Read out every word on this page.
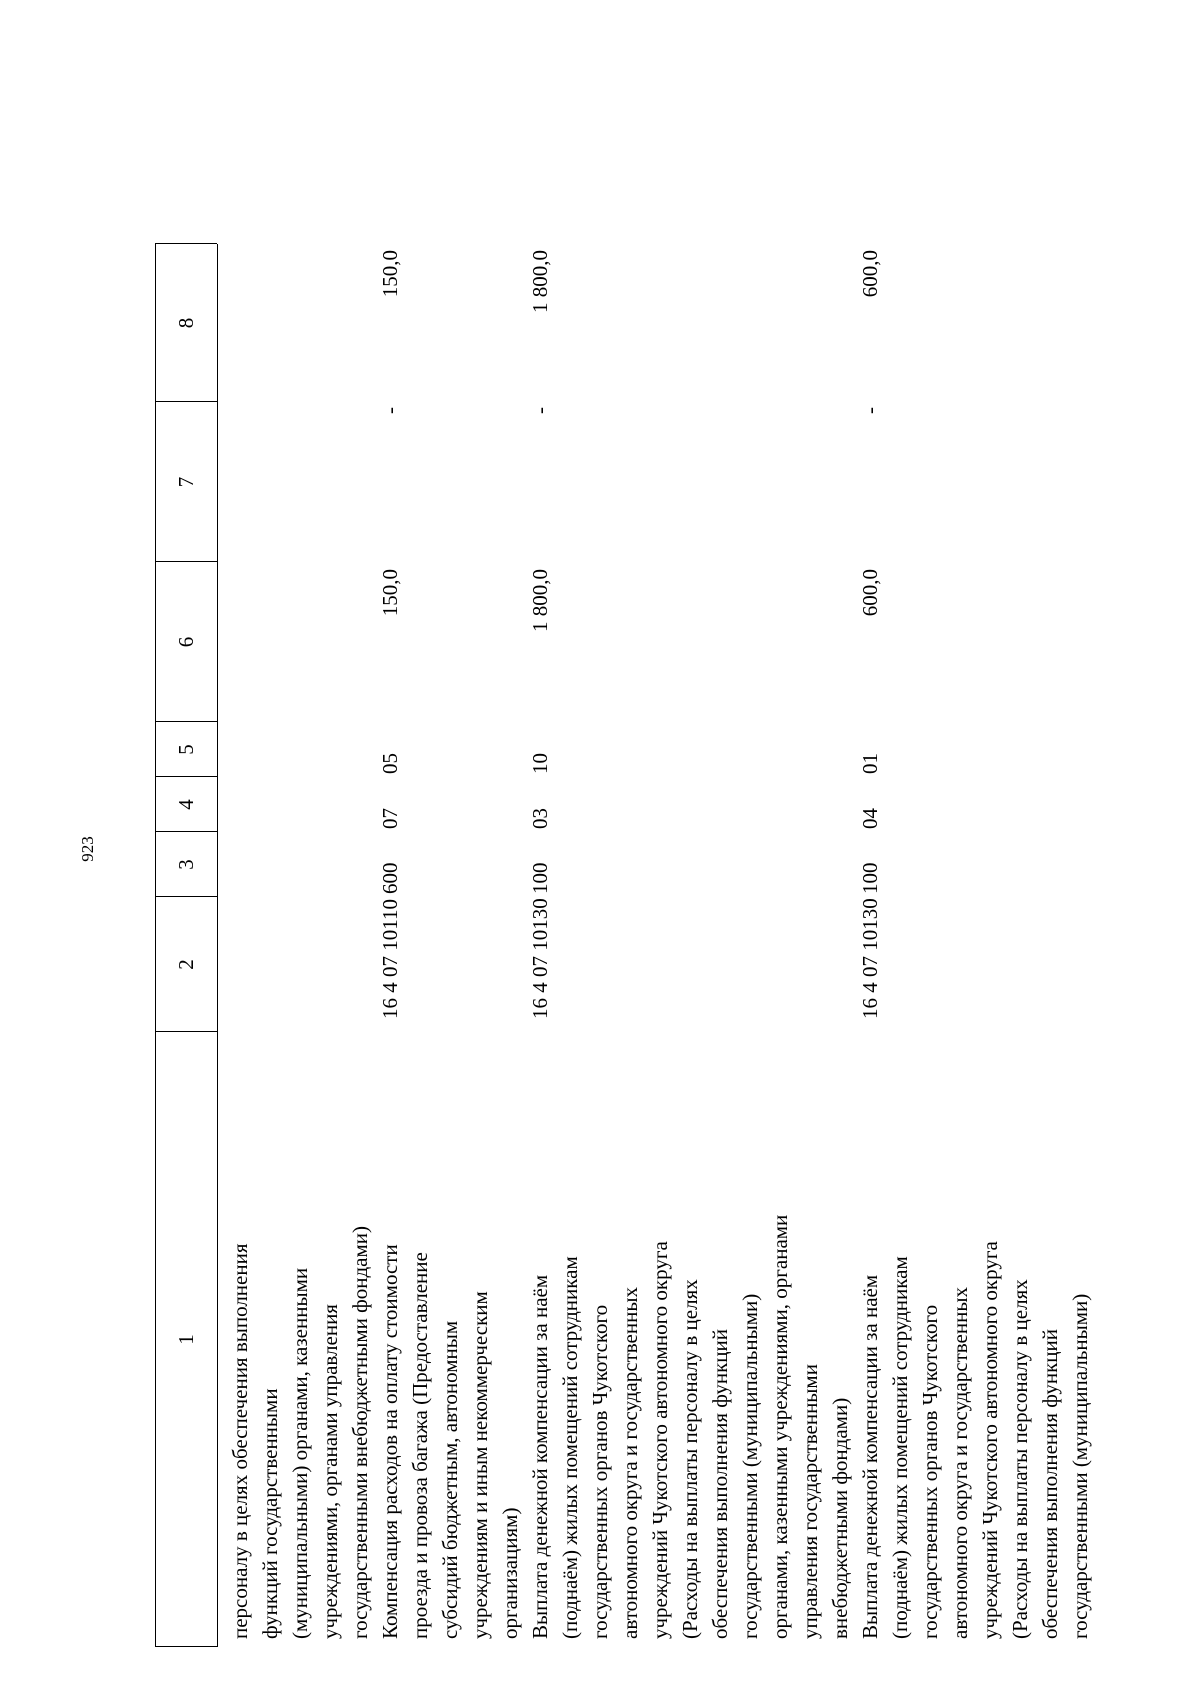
923
1
2
3
4
5
6
7
8
персоналу в целях обеспечения выполнения функций государственными (муниципальными) органами, казенными учреждениями, органами управления государственными внебюджетными фондами) Компенсация расходов на оплату стоимости проезда и провоза багажа (Предоставление субсидий бюджетным, автономным учреждениям и иным некоммерческим организациям)
16 4 07 10110
600
07
05
150,0
-
150,0
Выплата денежной компенсации за наём (поднаём) жилых помещений сотрудникам государственных органов Чукотского автономного округа и государственных учреждений Чукотского автономного округа (Расходы на выплаты персоналу в целях обеспечения выполнения функций государственными (муниципальными) органами, казенными учреждениями, органами управления государственными внебюджетными фондами)
16 4 07 10130
100
03
10
1 800,0
-
1 800,0
Выплата денежной компенсации за наём (поднаём) жилых помещений сотрудникам государственных органов Чукотского автономного округа и государственных учреждений Чукотского автономного округа (Расходы на выплаты персоналу в целях обеспечения выполнения функций государственными (муниципальными)
16 4 07 10130
100
04
01
600,0
-
600,0
